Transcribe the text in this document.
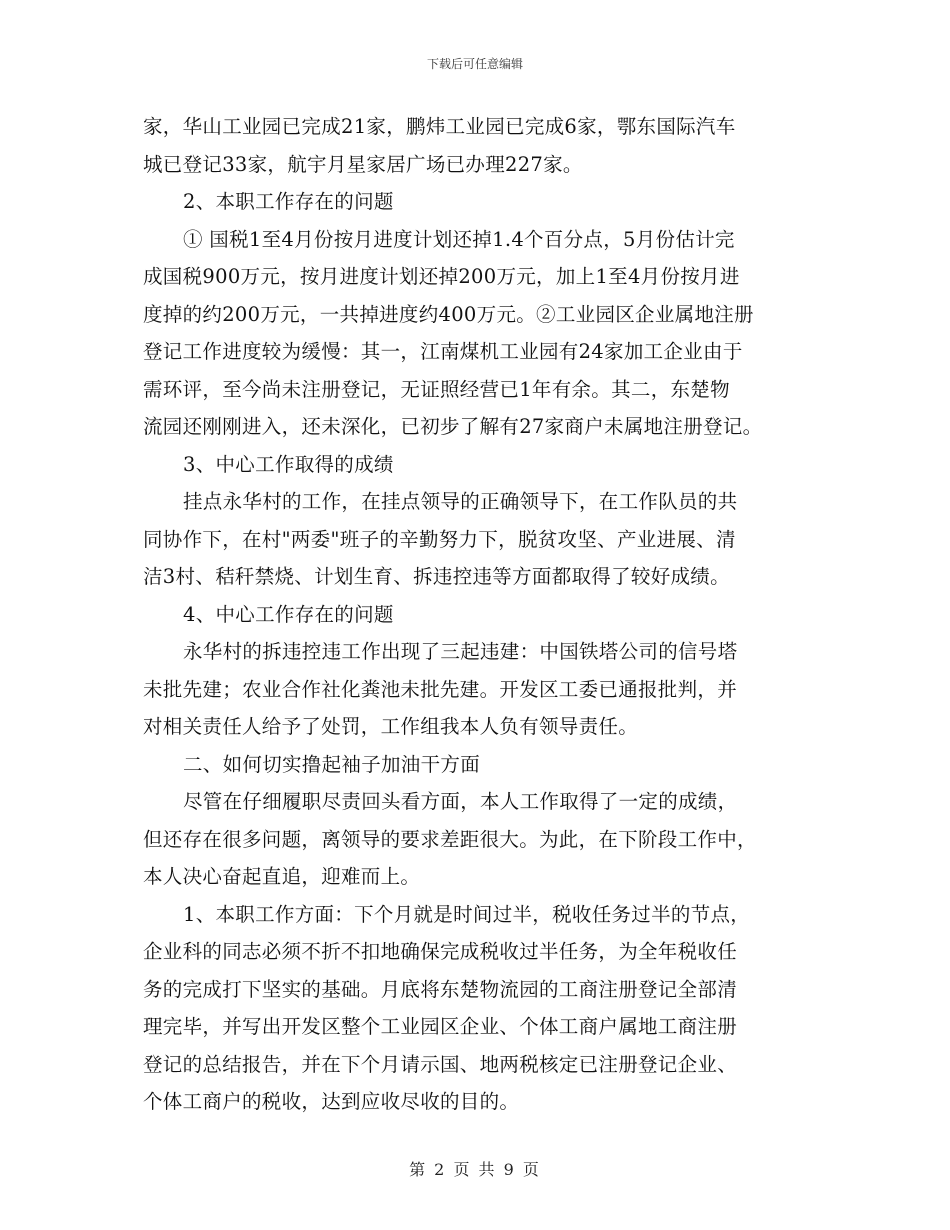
下载后可任意编辑
家，华山工业园已完成21家，鹏炜工业园已完成6家，鄂东国际汽车
城已登记33家，航宇月星家居广场已办理227家。
2、本职工作存在的问题
① 国税1至4月份按月进度计划还掉1.4个百分点，5月份估计完
成国税900万元，按月进度计划还掉200万元，加上1至4月份按月进
度掉的约200万元，一共掉进度约400万元。②工业园区企业属地注册
登记工作进度较为缓慢：其一，江南煤机工业园有24家加工企业由于
需环评，至今尚未注册登记，无证照经营已1年有余。其二，东楚物
流园还刚刚进入，还未深化，已初步了解有27家商户未属地注册登记。
3、中心工作取得的成绩
挂点永华村的工作，在挂点领导的正确领导下，在工作队员的共
同协作下，在村"两委"班子的辛勤努力下，脱贫攻坚、产业进展、清
洁3村、秸秆禁烧、计划生育、拆违控违等方面都取得了较好成绩。
4、中心工作存在的问题
永华村的拆违控违工作出现了三起违建：中国铁塔公司的信号塔
未批先建；农业合作社化粪池未批先建。开发区工委已通报批判，并
对相关责任人给予了处罚，工作组我本人负有领导责任。
二、如何切实撸起袖子加油干方面
尽管在仔细履职尽责回头看方面，本人工作取得了一定的成绩，
但还存在很多问题，离领导的要求差距很大。为此，在下阶段工作中，
本人决心奋起直追，迎难而上。
1、本职工作方面：下个月就是时间过半，税收任务过半的节点，
企业科的同志必须不折不扣地确保完成税收过半任务，为全年税收任
务的完成打下坚实的基础。月底将东楚物流园的工商注册登记全部清
理完毕，并写出开发区整个工业园区企业、个体工商户属地工商注册
登记的总结报告，并在下个月请示国、地两税核定已注册登记企业、
个体工商户的税收，达到应收尽收的目的。
第 2 页 共 9 页
